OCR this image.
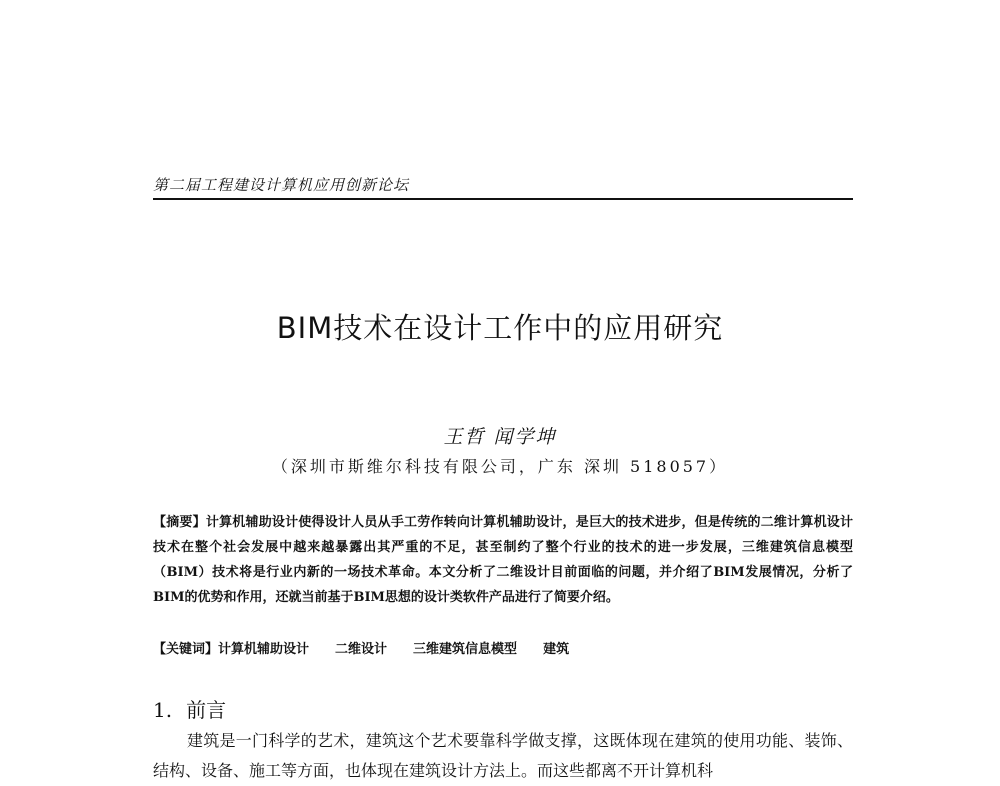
第二届工程建设计算机应用创新论坛
BIM技术在设计工作中的应用研究
王哲 闻学坤
（深圳市斯维尔科技有限公司，广东 深圳 518057）
【摘要】计算机辅助设计使得设计人员从手工劳作转向计算机辅助设计，是巨大的技术进步，但是传统的二维计算机设计技术在整个社会发展中越来越暴露出其严重的不足，甚至制约了整个行业的技术的进一步发展，三维建筑信息模型（BIM）技术将是行业内新的一场技术革命。本文分析了二维设计目前面临的问题，并介绍了BIM发展情况，分析了BIM的优势和作用，还就当前基于BIM思想的设计类软件产品进行了简要介绍。
【关键词】计算机辅助设计 二维设计 三维建筑信息模型 建筑
1. 前言
建筑是一门科学的艺术，建筑这个艺术要靠科学做支撑，这既体现在建筑的使用功能、装饰、结构、设备、施工等方面，也体现在建筑设计方法上。而这些都离不开计算机科
